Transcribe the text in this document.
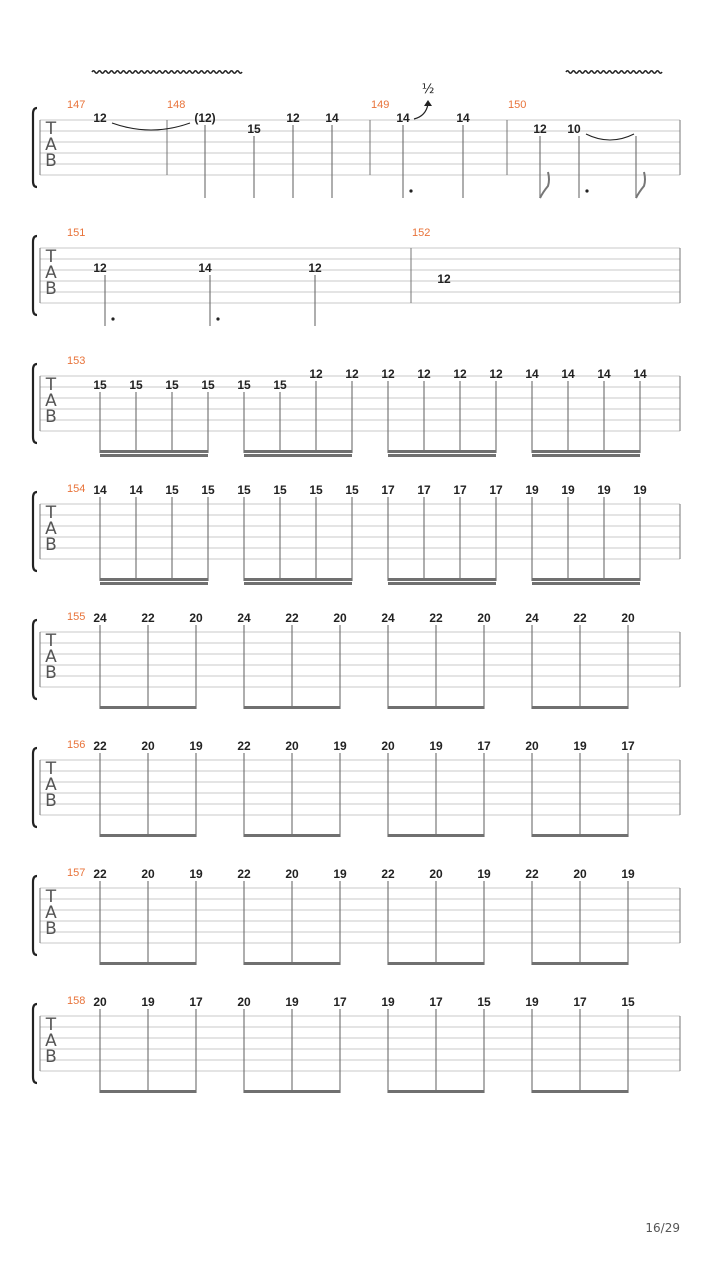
T
A
B
T
A
B
T
A
B
T
A
B
T
A
B
T
A
B
T
A
B
T
A
B
147	148	149	150
12	(12)
15
12 14	14	14
12 10
½
151	152
12	14	12
12
153
15 15 15 15 15 15
12 12 12 12 12 12 14 14 14 14
154 14 14 15 15 15 15 15 15 17 17 17 17 19 19 19 19
155 24	22	20	24	22	20	24	22	20	24	22	20
156 22	20	19	22	20	19	20	19	17	20	19	17
157 22	20	19	22	20	19	22	20	19	22	20	19
158 20	19	17	20	19	17	19	17	15	19	17	15
16/29
